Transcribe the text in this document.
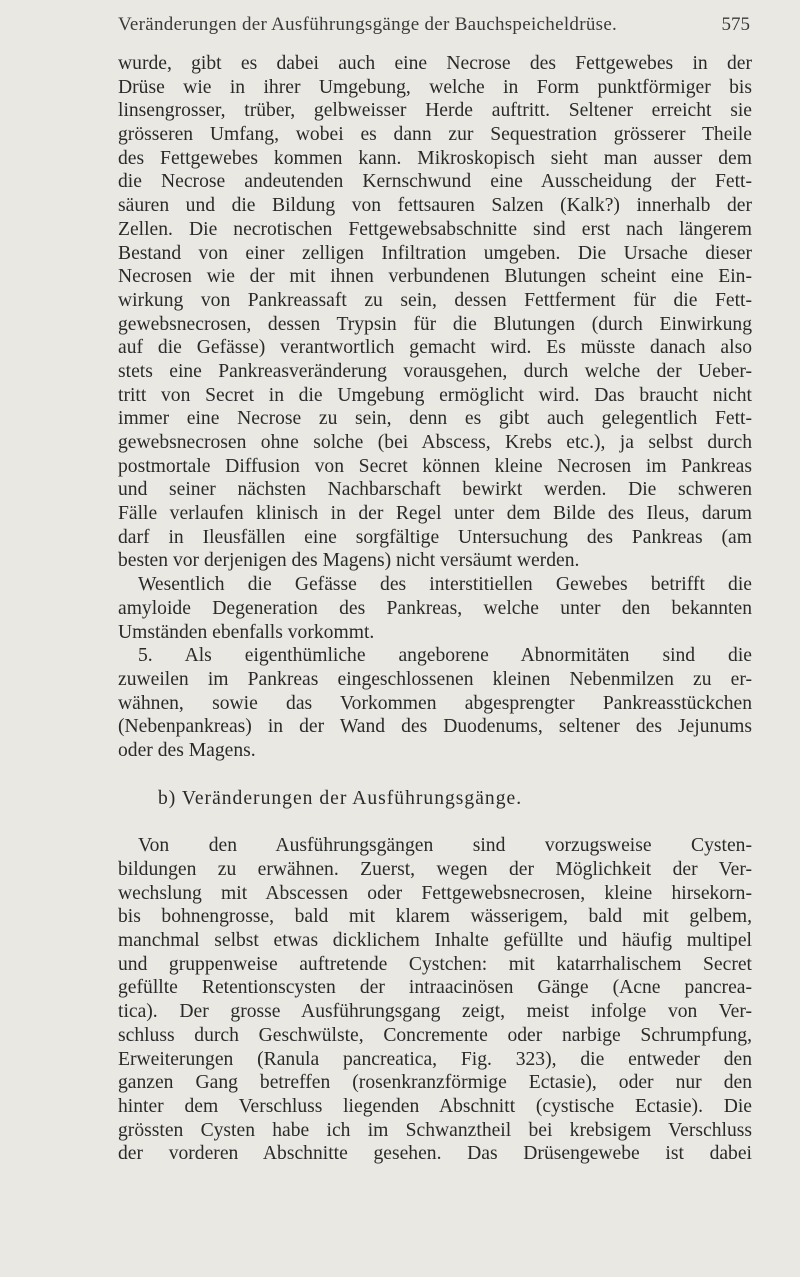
Veränderungen der Ausführungsgänge der Bauchspeicheldrüse.	575
wurde, gibt es dabei auch eine Necrose des Fettgewebes in der
Drüse wie in ihrer Umgebung, welche in Form punktförmiger bis
linsengrosser, trüber, gelbweisser Herde auftritt. Seltener erreicht sie
grösseren Umfang, wobei es dann zur Sequestration grösserer Theile
des Fettgewebes kommen kann. Mikroskopisch sieht man ausser dem
die Necrose andeutenden Kernschwund eine Ausscheidung der Fett-
säuren und die Bildung von fettsauren Salzen (Kalk?) innerhalb der
Zellen. Die necrotischen Fettgewebsabschnitte sind erst nach längerem
Bestand von einer zelligen Infiltration umgeben. Die Ursache dieser
Necrosen wie der mit ihnen verbundenen Blutungen scheint eine Ein-
wirkung von Pankreassaft zu sein, dessen Fettferment für die Fett-
gewebsnecrosen, dessen Trypsin für die Blutungen (durch Einwirkung
auf die Gefässe) verantwortlich gemacht wird. Es müsste danach also
stets eine Pankreasveränderung vorausgehen, durch welche der Ueber-
tritt von Secret in die Umgebung ermöglicht wird. Das braucht nicht
immer eine Necrose zu sein, denn es gibt auch gelegentlich Fett-
gewebsnecrosen ohne solche (bei Abscess, Krebs etc.), ja selbst durch
postmortale Diffusion von Secret können kleine Necrosen im Pankreas
und seiner nächsten Nachbarschaft bewirkt werden. Die schweren
Fälle verlaufen klinisch in der Regel unter dem Bilde des Ileus, darum
darf in Ileusfällen eine sorgfältige Untersuchung des Pankreas (am
besten vor derjenigen des Magens) nicht versäumt werden.
Wesentlich die Gefässe des interstitiellen Gewebes betrifft die
amyloide Degeneration des Pankreas, welche unter den bekannten
Umständen ebenfalls vorkommt.
5. Als eigenthümliche angeborene Abnormitäten sind die
zuweilen im Pankreas eingeschlossenen kleinen Nebenmilzen zu er-
wähnen, sowie das Vorkommen abgesprengter Pankreasstückchen
(Nebenpankreas) in der Wand des Duodenums, seltener des Jejunums
oder des Magens.
b) Veränderungen der Ausführungsgänge.
Von den Ausführungsgängen sind vorzugsweise Cysten-
bildungen zu erwähnen. Zuerst, wegen der Möglichkeit der Ver-
wechslung mit Abscessen oder Fettgewebsnecrosen, kleine hirsekorn-
bis bohnengrosse, bald mit klarem wässerigem, bald mit gelbem,
manchmal selbst etwas dicklichem Inhalte gefüllte und häufig multipel
und gruppenweise auftretende Cystchen: mit katarrhalischem Secret
gefüllte Retentionscysten der intraacinösen Gänge (Acne pancrea-
tica). Der grosse Ausführungsgang zeigt, meist infolge von Ver-
schluss durch Geschwülste, Concremente oder narbige Schrumpfung,
Erweiterungen (Ranula pancreatica, Fig. 323), die entweder den
ganzen Gang betreffen (rosenkranzförmige Ectasie), oder nur den
hinter dem Verschluss liegenden Abschnitt (cystische Ectasie). Die
grössten Cysten habe ich im Schwanztheil bei krebsigem Verschluss
der vorderen Abschnitte gesehen. Das Drüsengewebe ist dabei
